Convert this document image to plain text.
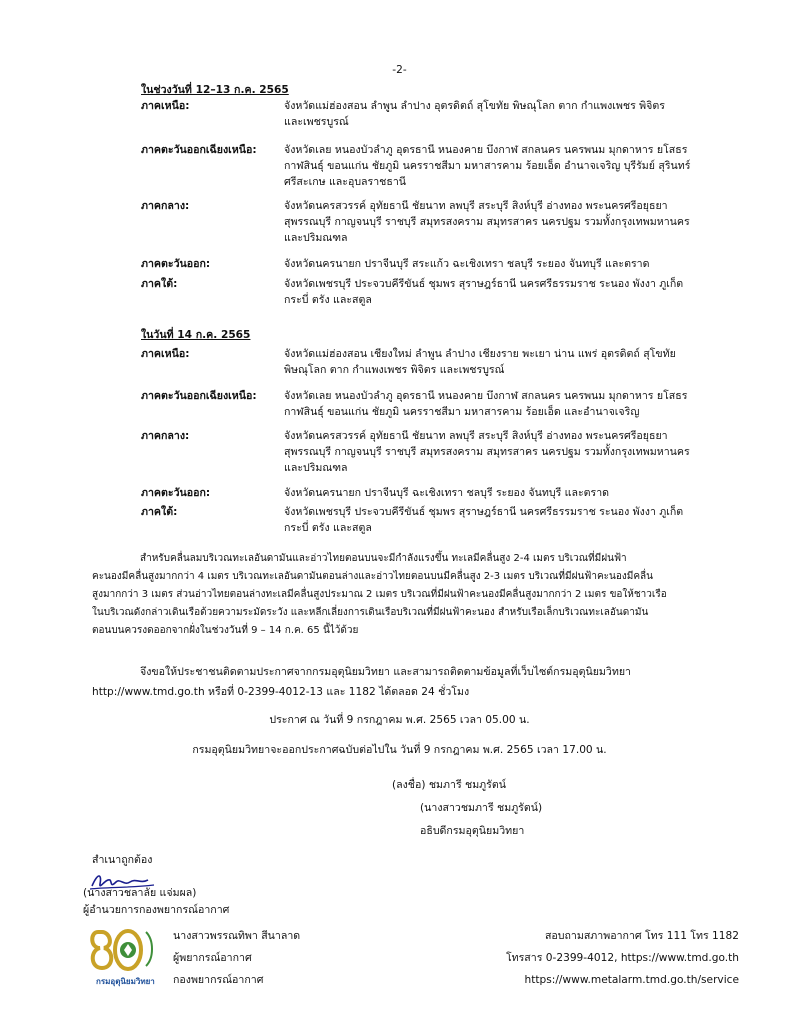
-2-
ในช่วงวันที่ 12–13 ก.ค. 2565
ภาคเหนือ:	จังหวัดแม่ฮ่องสอน ลำพูน ลำปาง อุตรดิตถ์ สุโขทัย พิษณุโลก ตาก กำแพงเพชร พิจิตร
และเพชรบูรณ์
ภาคตะวันออกเฉียงเหนือ:	จังหวัดเลย หนองบัวลำภู อุดรธานี หนองคาย บึงกาฬ สกลนคร นครพนม มุกดาหาร ยโสธร
กาฬสินธุ์ ขอนแก่น ชัยภูมิ นครราชสีมา มหาสารคาม ร้อยเอ็ด อำนาจเจริญ บุรีรัมย์ สุรินทร์
ศรีสะเกษ และอุบลราชธานี
ภาคกลาง:	จังหวัดนครสวรรค์ อุทัยธานี ชัยนาท ลพบุรี สระบุรี สิงห์บุรี อ่างทอง พระนครศรีอยุธยา
สุพรรณบุรี กาญจนบุรี ราชบุรี สมุทรสงคราม สมุทรสาคร นครปฐม รวมทั้งกรุงเทพมหานคร
และปริมณฑล
ภาคตะวันออก:	จังหวัดนครนายก ปราจีนบุรี สระแก้ว ฉะเชิงเทรา ชลบุรี ระยอง จันทบุรี และตราด
ภาคใต้:	จังหวัดเพชรบุรี ประจวบคีรีขันธ์ ชุมพร สุราษฎร์ธานี นครศรีธรรมราช ระนอง พังงา ภูเก็ต
กระบี่ ตรัง และสตูล
ในวันที่ 14 ก.ค. 2565
ภาคเหนือ:	จังหวัดแม่ฮ่องสอน เชียงใหม่ ลำพูน ลำปาง เชียงราย พะเยา น่าน แพร่ อุตรดิตถ์ สุโขทัย
พิษณุโลก ตาก กำแพงเพชร พิจิตร และเพชรบูรณ์
ภาคตะวันออกเฉียงเหนือ:	จังหวัดเลย หนองบัวลำภู อุดรธานี หนองคาย บึงกาฬ สกลนคร นครพนม มุกดาหาร ยโสธร
กาฬสินธุ์ ขอนแก่น ชัยภูมิ นครราชสีมา มหาสารคาม ร้อยเอ็ด และอำนาจเจริญ
ภาคกลาง:	จังหวัดนครสวรรค์ อุทัยธานี ชัยนาท ลพบุรี สระบุรี สิงห์บุรี อ่างทอง พระนครศรีอยุธยา
สุพรรณบุรี กาญจนบุรี ราชบุรี สมุทรสงคราม สมุทรสาคร นครปฐม รวมทั้งกรุงเทพมหานคร
และปริมณฑล
ภาคตะวันออก:	จังหวัดนครนายก ปราจีนบุรี ฉะเชิงเทรา ชลบุรี ระยอง จันทบุรี และตราด
ภาคใต้:	จังหวัดเพชรบุรี ประจวบคีรีขันธ์ ชุมพร สุราษฎร์ธานี นครศรีธรรมราช ระนอง พังงา ภูเก็ต
กระบี่ ตรัง และสตูล
สำหรับคลื่นลมบริเวณทะเลอันดามันและอ่าวไทยตอนบนจะมีกำลังแรงขึ้น ทะเลมีคลื่นสูง 2-4 เมตร บริเวณที่มีฝนฟ้า
คะนองมีคลื่นสูงมากกว่า 4 เมตร บริเวณทะเลอันดามันตอนล่างและอ่าวไทยตอนบนมีคลื่นสูง 2-3 เมตร บริเวณที่มีฝนฟ้าคะนองมีคลื่น
สูงมากกว่า 3 เมตร ส่วนอ่าวไทยตอนล่างทะเลมีคลื่นสูงประมาณ 2 เมตร บริเวณที่มีฝนฟ้าคะนองมีคลื่นสูงมากกว่า 2 เมตร ขอให้ชาวเรือ
ในบริเวณดังกล่าวเดินเรือด้วยความระมัดระวัง และหลีกเลี่ยงการเดินเรือบริเวณที่มีฝนฟ้าคะนอง สำหรับเรือเล็กบริเวณทะเลอันดามัน
ตอนบนควรงดออกจากฝั่งในช่วงวันที่ 9 – 14 ก.ค. 65 นี้ไว้ด้วย
จึงขอให้ประชาชนติดตามประกาศจากกรมอุตุนิยมวิทยา และสามารถติดตามข้อมูลที่เว็บไซต์กรมอุตุนิยมวิทยา
http://www.tmd.go.th หรือที่ 0-2399-4012-13 และ 1182 ได้ตลอด 24 ชั่วโมง
ประกาศ ณ วันที่ 9 กรกฎาคม พ.ศ. 2565 เวลา 05.00 น.
กรมอุตุนิยมวิทยาจะออกประกาศฉบับต่อไปใน วันที่ 9 กรกฎาคม พ.ศ. 2565 เวลา 17.00 น.
(ลงชื่อ) ชมภารี ชมภูรัตน์
(นางสาวชมภารี ชมภูรัตน์)
อธิบดีกรมอุตุนิยมวิทยา
สำเนาถูกต้อง
(นางสาวชลาลัย แจ่มผล)
ผู้อำนวยการกองพยากรณ์อากาศ
กรมอุตุนิยมวิทยา
นางสาวพรรณทิพา สีนาลาด
ผู้พยากรณ์อากาศ
กองพยากรณ์อากาศ
สอบถามสภาพอากาศ โทร 111 โทร 1182
โทรสาร 0-2399-4012, https://www.tmd.go.th
https://www.metalarm.tmd.go.th/service
